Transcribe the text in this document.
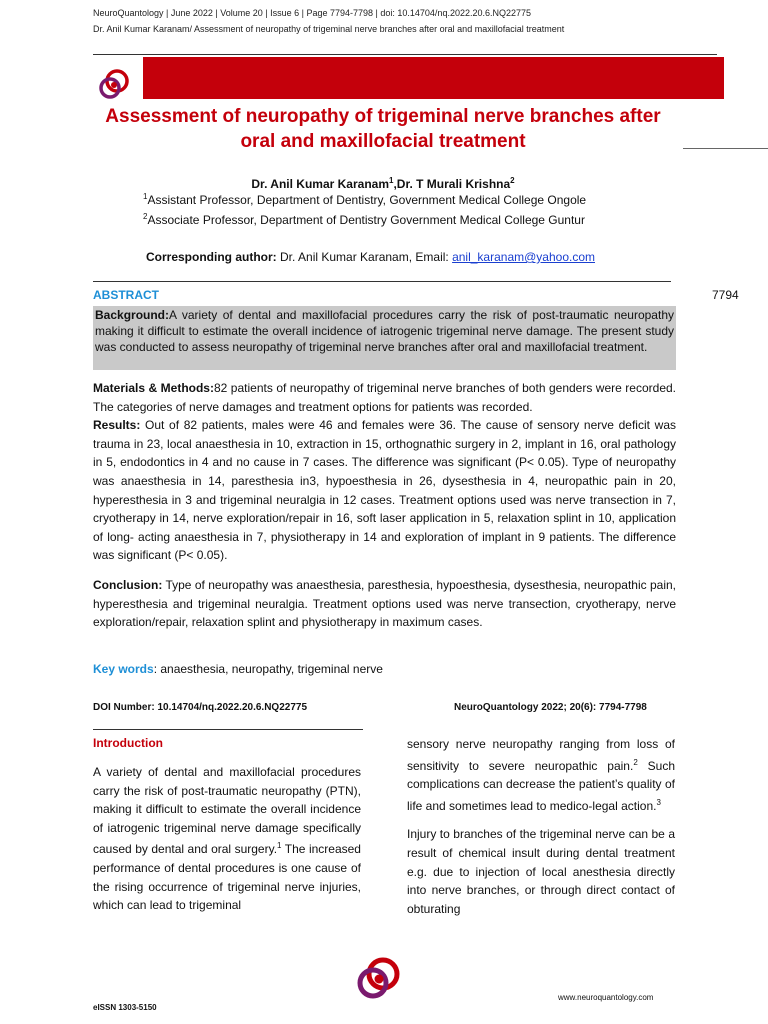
NeuroQuantology | June 2022 | Volume 20 | Issue 6 | Page 7794-7798 | doi: 10.14704/nq.2022.20.6.NQ22775
Dr. Anil Kumar Karanam/ Assessment of neuropathy of trigeminal nerve branches after oral and maxillofacial treatment
Assessment of neuropathy of trigeminal nerve branches after oral and maxillofacial treatment
Dr. Anil Kumar Karanam$^1$,Dr. T Murali Krishna$^2$
$^1$Assistant Professor, Department of Dentistry, Government Medical College Ongole
$^2$Associate Professor, Department of Dentistry Government Medical College Guntur
Corresponding author: Dr. Anil Kumar Karanam, Email: anil_karanam@yahoo.com
ABSTRACT	7794
Background:A variety of dental and maxillofacial procedures carry the risk of post-traumatic neuropathy making it difficult to estimate the overall incidence of iatrogenic trigeminal nerve damage. The present study was conducted to assess neuropathy of trigeminal nerve branches after oral and maxillofacial treatment.
Materials & Methods:82 patients of neuropathy of trigeminal nerve branches of both genders were recorded. The categories of nerve damages and treatment options for patients was recorded.
Results: Out of 82 patients, males were 46 and females were 36. The cause of sensory nerve deficit was trauma in 23, local anaesthesia in 10, extraction in 15, orthognathic surgery in 2, implant in 16, oral pathology in 5, endodontics in 4 and no cause in 7 cases. The difference was significant (P< 0.05). Type of neuropathy was anaesthesia in 14, paresthesia in3, hypoesthesia in 26, dysesthesia in 4, neuropathic pain in 20, hyperesthesia in 3 and trigeminal neuralgia in 12 cases. Treatment options used was nerve transection in 7, cryotherapy in 14, nerve exploration/repair in 16, soft laser application in 5, relaxation splint in 10, application of long- acting anaesthesia in 7, physiotherapy in 14 and exploration of implant in 9 patients. The difference was significant (P< 0.05).
Conclusion: Type of neuropathy was anaesthesia, paresthesia, hypoesthesia, dysesthesia, neuropathic pain, hyperesthesia and trigeminal neuralgia. Treatment options used was nerve transection, cryotherapy, nerve exploration/repair, relaxation splint and physiotherapy in maximum cases.
Key words: anaesthesia, neuropathy, trigeminal nerve
DOI Number: 10.14704/nq.2022.20.6.NQ22775	NeuroQuantology 2022; 20(6): 7794-7798
Introduction
A variety of dental and maxillofacial procedures carry the risk of post-traumatic neuropathy (PTN), making it difficult to estimate the overall incidence of iatrogenic trigeminal nerve damage specifically caused by dental and oral surgery.$^1$ The increased performance of dental procedures is one cause of the rising occurrence of trigeminal nerve injuries, which can lead to trigeminal

sensory nerve neuropathy ranging from loss of sensitivity to severe neuropathic pain.$^2$ Such complications can decrease the patient’s quality of life and sometimes lead to medico-legal action.$^3$

Injury to branches of the trigeminal nerve can be a result of chemical insult during dental treatment e.g. due to injection of local anesthesia directly into nerve branches, or through direct contact of obturating

eISSN 1303-5150
www.neuroquantology.com
